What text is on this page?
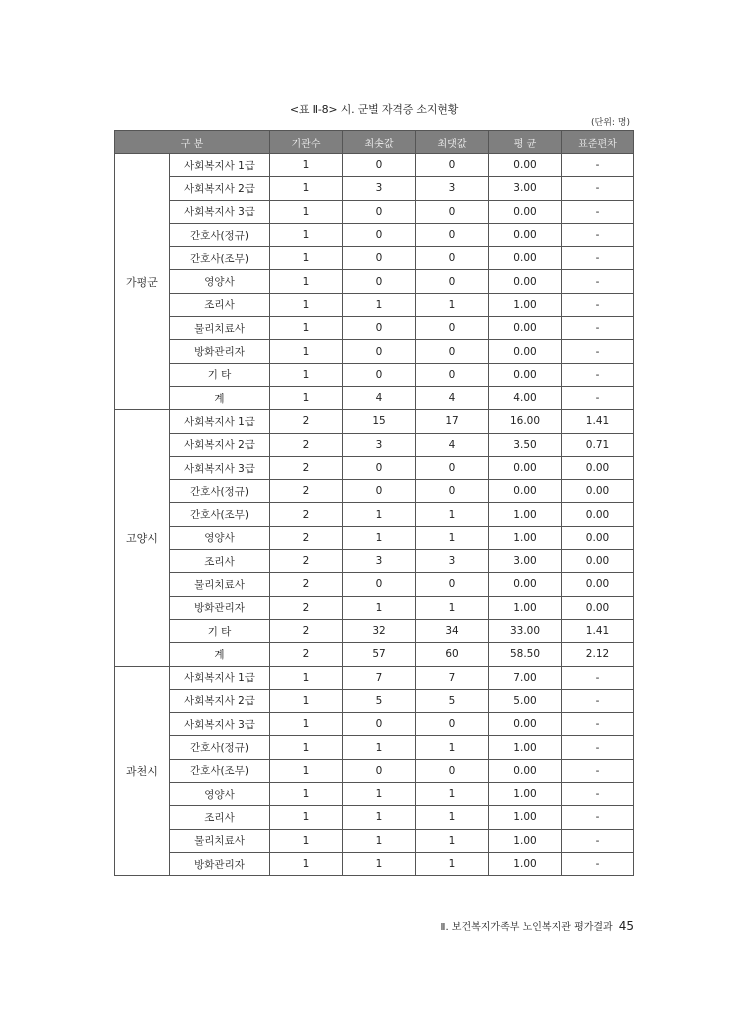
<표 Ⅱ-8> 시. 군별 자격증 소지현황
(단위: 명)
구 분		기관수	최솟값	최댓값	평 균	표준편차
가평군	사회복지사 1급	1	0	0	0.00	-
	사회복지사 2급	1	3	3	3.00	-
	사회복지사 3급	1	0	0	0.00	-
	간호사(정규)	1	0	0	0.00	-
	간호사(조무)	1	0	0	0.00	-
	영양사	1	0	0	0.00	-
	조리사	1	1	1	1.00	-
	물리치료사	1	0	0	0.00	-
	방화관리자	1	0	0	0.00	-
	기 타	1	0	0	0.00	-
	계	1	4	4	4.00	-
고양시	사회복지사 1급	2	15	17	16.00	1.41
	사회복지사 2급	2	3	4	3.50	0.71
	사회복지사 3급	2	0	0	0.00	0.00
	간호사(정규)	2	0	0	0.00	0.00
	간호사(조무)	2	1	1	1.00	0.00
	영양사	2	1	1	1.00	0.00
	조리사	2	3	3	3.00	0.00
	물리치료사	2	0	0	0.00	0.00
	방화관리자	2	1	1	1.00	0.00
	기 타	2	32	34	33.00	1.41
	계	2	57	60	58.50	2.12
과천시	사회복지사 1급	1	7	7	7.00	-
	사회복지사 2급	1	5	5	5.00	-
	사회복지사 3급	1	0	0	0.00	-
	간호사(정규)	1	1	1	1.00	-
	간호사(조무)	1	0	0	0.00	-
	영양사	1	1	1	1.00	-
	조리사	1	1	1	1.00	-
	물리치료사	1	1	1	1.00	-
	방화관리자	1	1	1	1.00	-
Ⅱ. 보건복지가족부 노인복지관 평가결과 45
